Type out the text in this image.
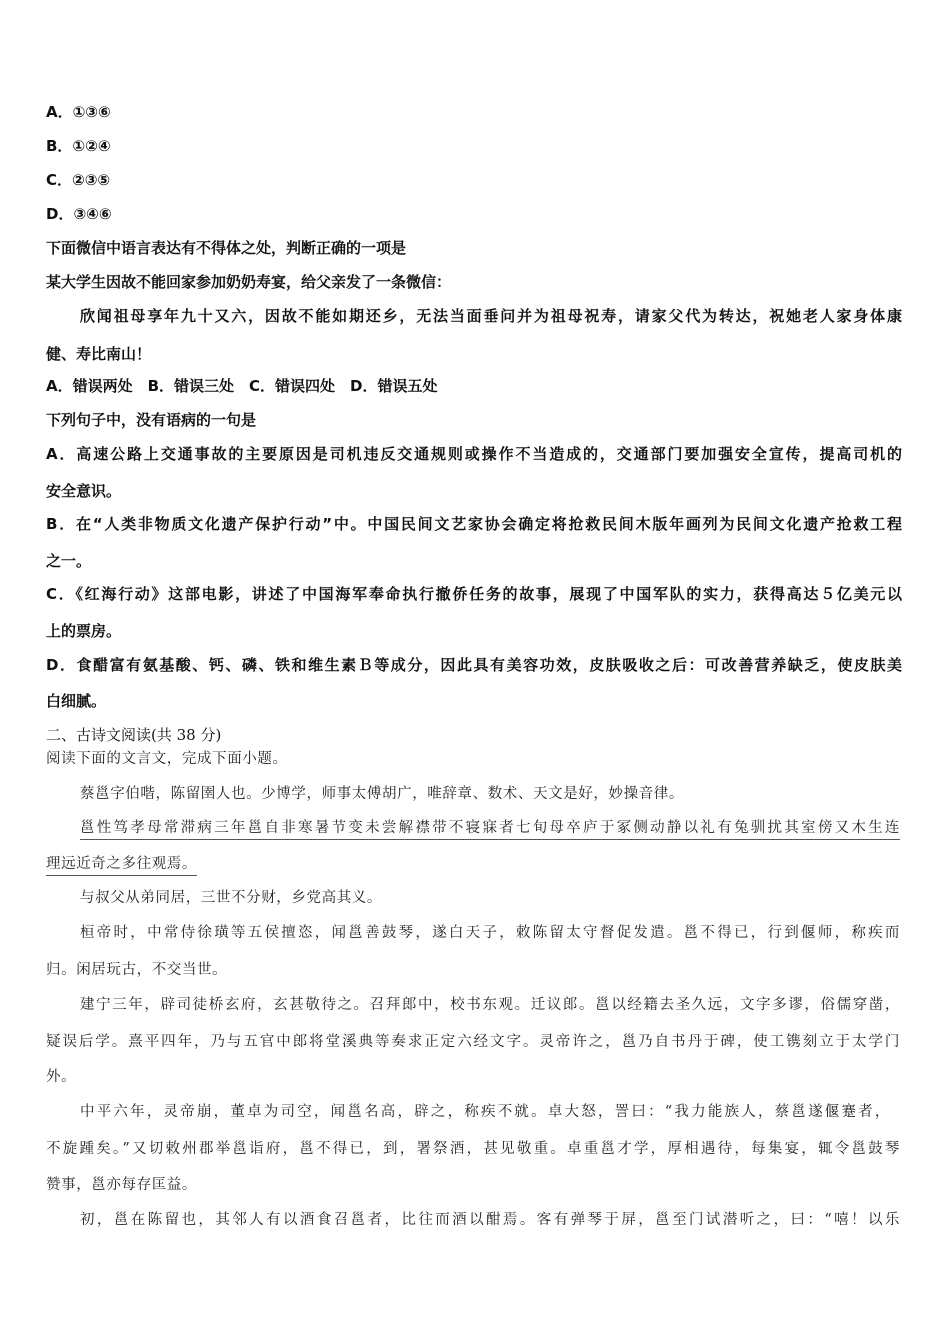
A．①③⑥
B．①②④
C．②③⑤
D．③④⑥
下面微信中语言表达有不得体之处，判断正确的一项是
某大学生因故不能回家参加奶奶寿宴，给父亲发了一条微信：
欣闻祖母享年九十又六，因故不能如期还乡，无法当面垂问并为祖母祝寿，请家父代为转达，祝她老人家身体康
健、寿比南山！
A．错误两处　B．错误三处　C．错误四处　D．错误五处
下列句子中，没有语病的一句是
A．高速公路上交通事故的主要原因是司机违反交通规则或操作不当造成的，交通部门要加强安全宣传，提高司机的
安全意识。
B．在“人类非物质文化遗产保护行动”中。中国民间文艺家协会确定将抢救民间木版年画列为民间文化遗产抢救工程
之一。
C．《红海行动》这部电影，讲述了中国海军奉命执行撤侨任务的故事，展现了中国军队的实力，获得高达５亿美元以
上的票房。
D．食醋富有氨基酸、钙、磷、铁和维生素Ｂ等成分，因此具有美容功效，皮肤吸收之后：可改善营养缺乏，使皮肤美
白细腻。
二、古诗文阅读(共 38 分)
阅读下面的文言文，完成下面小题。
蔡邕字伯喈，陈留圉人也。少博学，师事太傅胡广，唯辞章、数术、天文是好，妙操音律。
邕性笃孝母常滞病三年邕自非寒暑节变未尝解襟带不寝寐者七旬母卒庐于冢侧动静以礼有兔驯扰其室傍又木生连
理远近奇之多往观焉。
与叔父从弟同居，三世不分财，乡党高其义。
桓帝时，中常侍徐璜等五侯擅恣，闻邕善鼓琴，遂白天子，敕陈留太守督促发遣。邕不得已，行到偃师，称疾而
归。闲居玩古，不交当世。
建宁三年，辟司徒桥玄府，玄甚敬待之。召拜郎中，校书东观。迁议郎。邕以经籍去圣久远，文字多谬，俗儒穿凿，
疑误后学。熹平四年，乃与五官中郎将堂溪典等奏求正定六经文字。灵帝许之，邕乃自书丹于碑，使工镌刻立于太学门
外。
中平六年，灵帝崩，董卓为司空，闻邕名高，辟之，称疾不就。卓大怒，詈曰：“我力能族人，蔡邕遂偃蹇者，
不旋踵矣。”又切敕州郡举邕诣府，邕不得已，到，署祭酒，甚见敬重。卓重邕才学，厚相遇待，每集宴，辄令邕鼓琴
赞事，邕亦每存匡益。
初，邕在陈留也，其邻人有以酒食召邕者，比往而酒以酣焉。客有弹琴于屏，邕至门试潜听之，曰：“嘻！以乐
